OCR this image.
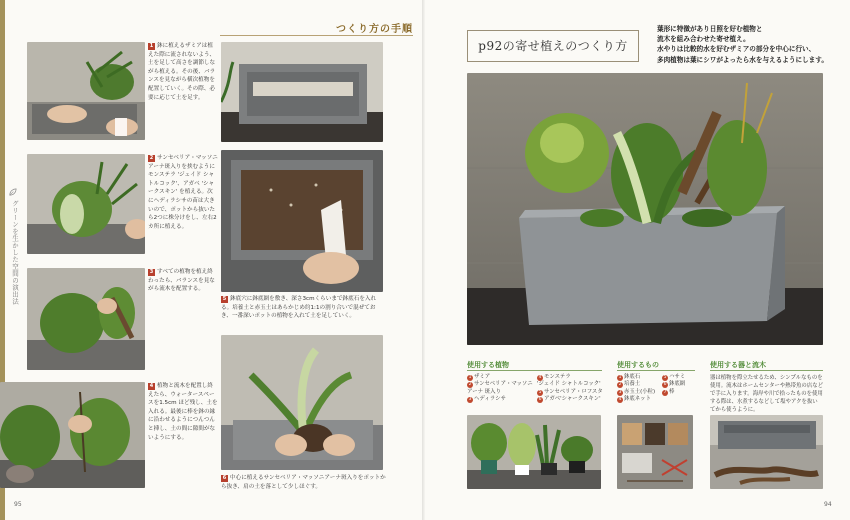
グリーンを生かした空間の演出法
1 鉢に植えるザミアは植えた際に流されないよう、土を足して高さを調節しながら植える。その後、バランスを見ながら横次植物を配置していく。その際、必要に応じて土を足す。
2 サンセベリア・マッソニアーナ斑入りを挟むようにモンステラ 'ジェイド シャトルコック'、アガベ 'シャークスキン' を植える。次にヘディラシサの苗は大きいので、ポットから抜いたら2つに株分けをし、左右2カ所に植える。
3 すべての植物を植え終わったら、バランスを見ながら流木を配置する。
5 鉢底穴に鉢底網を敷き、深さ3cmくらいまで鉢底石を入れる。培養土と赤玉土はあらかじめ約1:1の割り合いで混ぜておき、一番深いポットの植物を入れて土を足していく。
4 植物と流木を配置し終えたら、ウォータースペースを1.5cm ほど残し、土を入れる。最後に棒を鉢の縁に沿わせるようにつんつんと挿し、土の間に隙間がないようにする。
6 中心に植えるサンセベリア・マッソニアーナ斑入りをポットから抜き、肩の土を落として少しほぐす。
つくり方の手順
95
p92の寄せ植えのつくり方
葉形に特徴があり日照を好む植物と
流木を組み合わせた寄せ植え。
水やりは比較的水を好むザミアの部分を中心に行い、
多肉植物は葉にシワがよったら水を与えるようにします。
使用する植物
1 ザミア
2 サンセベリア・マッソニアーナ 斑入り
3 ヘディラシサ
4 モンステラ
'ジェイド シャトルコック'
5 サンセベリア・ロフスタ
6 アガベ'シャークスキン'
使用するもの
1 鉢底石
2 培養土
3 赤玉土(小粒)
4 鉢底ネット
5 ハサミ
6 鉢底網
7 棒
使用する器と流木
器は植物を際立たせるため、シンプルなものを使用。流木はホームセンターや熱帯魚の店などで手に入ります。海岸や川で拾ったものを使用する際は、水煮するなどして塩やアクを抜いてから使うように。
94
